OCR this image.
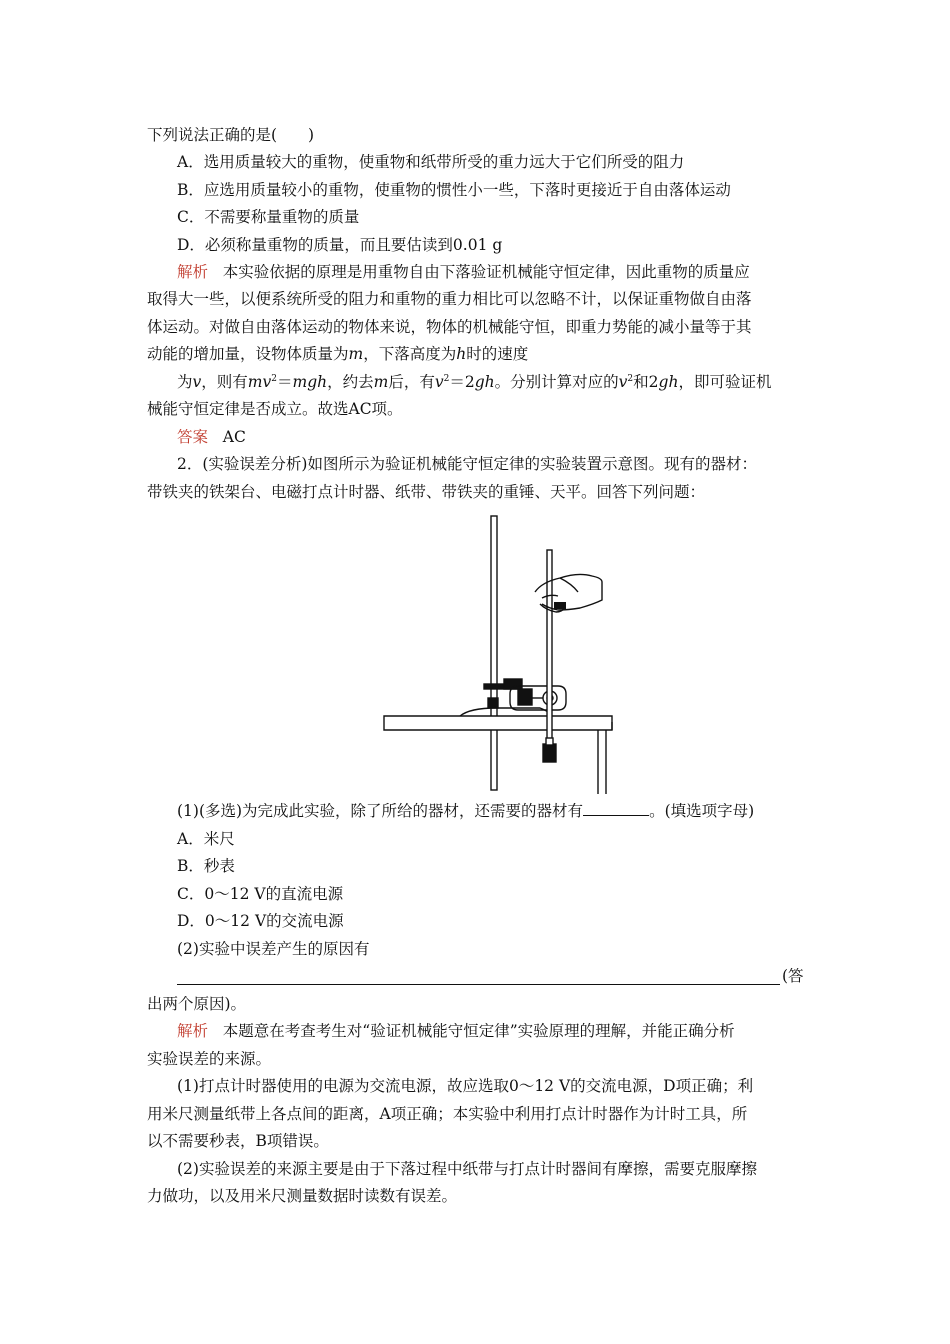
下列说法正确的是(　　)
A．选用质量较大的重物，使重物和纸带所受的重力远大于它们所受的阻力
B．应选用质量较小的重物，使重物的惯性小一些，下落时更接近于自由落体运动
C．不需要称量重物的质量
D．必须称量重物的质量，而且要估读到0.01 g
解析 本实验依据的原理是用重物自由下落验证机械能守恒定律，因此重物的质量应
取得大一些，以便系统所受的阻力和重物的重力相比可以忽略不计，以保证重物做自由落
体运动。对做自由落体运动的物体来说，物体的机械能守恒，即重力势能的减小量等于其
动能的增加量，设物体质量为m，下落高度为h时的速度
为v，则有$mv^2=mgh$，约去m后，有$v^2=2gh$。分别计算对应的$v^2$和2gh，即可验证机
械能守恒定律是否成立。故选AC项。
答案 AC
2．(实验误差分析)如图所示为验证机械能守恒定律的实验装置示意图。现有的器材：
带铁夹的铁架台、电磁打点计时器、纸带、带铁夹的重锤、天平。回答下列问题：
(1)(多选)为完成此实验，除了所给的器材，还需要的器材有	。(填选项字母)
A．米尺
B．秒表
C．0～12 V的直流电源
D．0～12 V的交流电源
(2)实验中误差产生的原因有
(答
出两个原因)。
解析 本题意在考查考生对“验证机械能守恒定律”实验原理的理解，并能正确分析
实验误差的来源。
(1)打点计时器使用的电源为交流电源，故应选取0～12 V的交流电源，D项正确；利
用米尺测量纸带上各点间的距离，A项正确；本实验中利用打点计时器作为计时工具，所
以不需要秒表，B项错误。
(2)实验误差的来源主要是由于下落过程中纸带与打点计时器间有摩擦，需要克服摩擦
力做功，以及用米尺测量数据时读数有误差。
